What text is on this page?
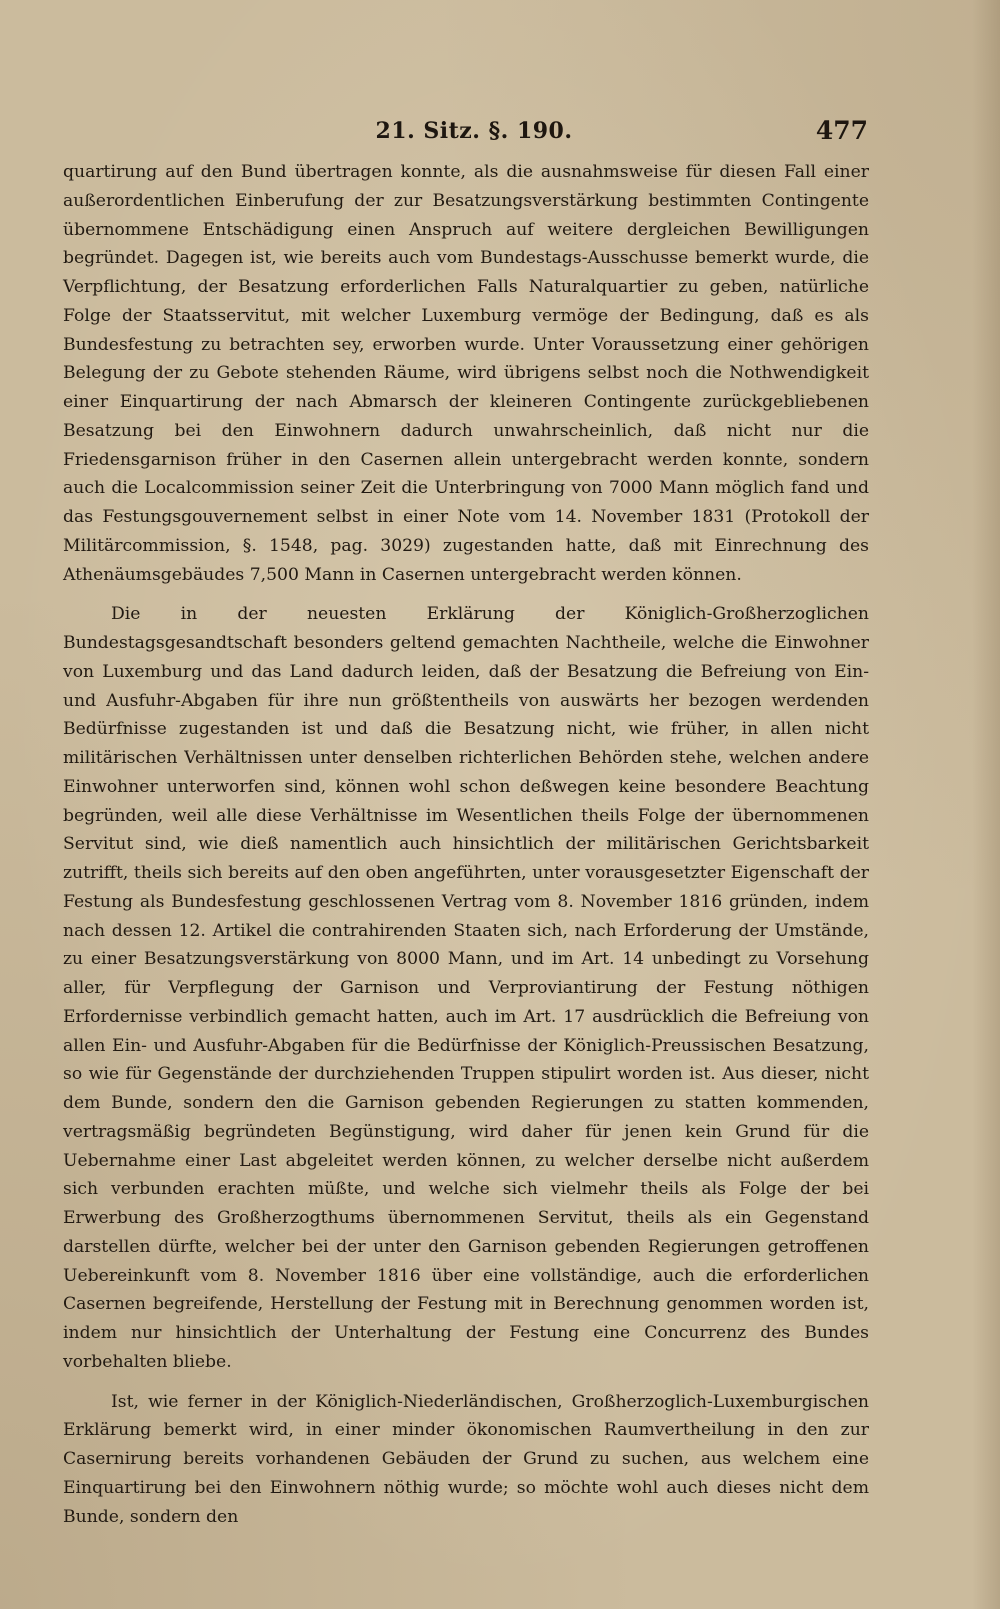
21. Sitz. §. 190.	477

quartirung auf den Bund übertragen konnte, als die ausnahmsweise für diesen Fall einer außerordentlichen Einberufung der zur Besatzungsverstärkung bestimmten Contingente übernommene Entschädigung einen Anspruch auf weitere dergleichen Bewilligungen begründet. Dagegen ist, wie bereits auch vom Bundestags-Ausschusse bemerkt wurde, die Verpflichtung, der Besatzung erforderlichen Falls Naturalquartier zu geben, natürliche Folge der Staatsservitut, mit welcher Luxemburg vermöge der Bedingung, daß es als Bundesfestung zu betrachten sey, erworben wurde. Unter Voraussetzung einer gehörigen Belegung der zu Gebote stehenden Räume, wird übrigens selbst noch die Nothwendigkeit einer Einquartirung der nach Abmarsch der kleineren Contingente zurückgebliebenen Besatzung bei den Einwohnern dadurch unwahrscheinlich, daß nicht nur die Friedensgarnison früher in den Casernen allein untergebracht werden konnte, sondern auch die Localcommission seiner Zeit die Unterbringung von 7000 Mann möglich fand und das Festungsgouvernement selbst in einer Note vom 14. November 1831 (Protokoll der Militärcommission, §. 1548, pag. 3029) zugestanden hatte, daß mit Einrechnung des Athenäumsgebäudes 7,500 Mann in Casernen untergebracht werden können.

Die in der neuesten Erklärung der Königlich-Großherzoglichen Bundestagsgesandtschaft besonders geltend gemachten Nachtheile, welche die Einwohner von Luxemburg und das Land dadurch leiden, daß der Besatzung die Befreiung von Ein- und Ausfuhr-Abgaben für ihre nun größtentheils von auswärts her bezogen werdenden Bedürfnisse zugestanden ist und daß die Besatzung nicht, wie früher, in allen nicht militärischen Verhältnissen unter denselben richterlichen Behörden stehe, welchen andere Einwohner unterworfen sind, können wohl schon deßwegen keine besondere Beachtung begründen, weil alle diese Verhältnisse im Wesentlichen theils Folge der übernommenen Servitut sind, wie dieß namentlich auch hinsichtlich der militärischen Gerichtsbarkeit zutrifft, theils sich bereits auf den oben angeführten, unter vorausgesetzter Eigenschaft der Festung als Bundesfestung geschlossenen Vertrag vom 8. November 1816 gründen, indem nach dessen 12. Artikel die contrahirenden Staaten sich, nach Erforderung der Umstände, zu einer Besatzungsverstärkung von 8000 Mann, und im Art. 14 unbedingt zu Vorsehung aller, für Verpflegung der Garnison und Verproviantirung der Festung nöthigen Erfordernisse verbindlich gemacht hatten, auch im Art. 17 ausdrücklich die Befreiung von allen Ein- und Ausfuhr-Abgaben für die Bedürfnisse der Königlich-Preussischen Besatzung, so wie für Gegenstände der durchziehenden Truppen stipulirt worden ist. Aus dieser, nicht dem Bunde, sondern den die Garnison gebenden Regierungen zu statten kommenden, vertragsmäßig begründeten Begünstigung, wird daher für jenen kein Grund für die Uebernahme einer Last abgeleitet werden können, zu welcher derselbe nicht außerdem sich verbunden erachten müßte, und welche sich vielmehr theils als Folge der bei Erwerbung des Großherzogthums übernommenen Servitut, theils als ein Gegenstand darstellen dürfte, welcher bei der unter den Garnison gebenden Regierungen getroffenen Uebereinkunft vom 8. November 1816 über eine vollständige, auch die erforderlichen Casernen begreifende, Herstellung der Festung mit in Berechnung genommen worden ist, indem nur hinsichtlich der Unterhaltung der Festung eine Concurrenz des Bundes vorbehalten bliebe.

Ist, wie ferner in der Königlich-Niederländischen, Großherzoglich-Luxemburgischen Erklärung bemerkt wird, in einer minder ökonomischen Raumvertheilung in den zur Casernirung bereits vorhandenen Gebäuden der Grund zu suchen, aus welchem eine Einquartirung bei den Einwohnern nöthig wurde; so möchte wohl auch dieses nicht dem Bunde, sondern den
